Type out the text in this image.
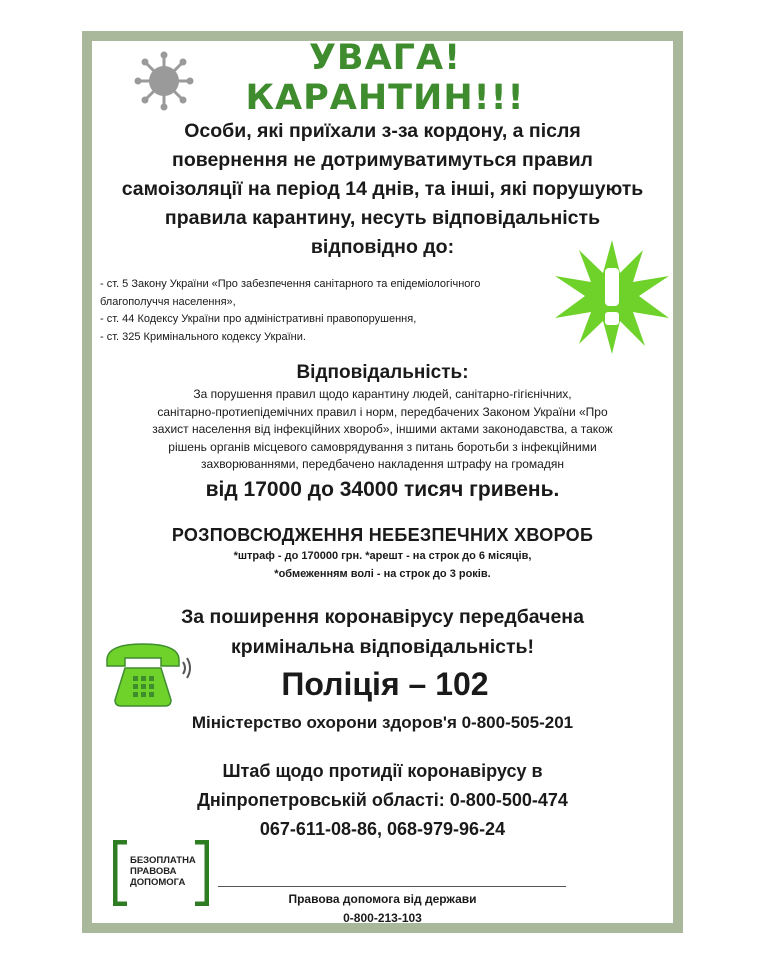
УВАГА!
КАРАНТИН!!!
Особи, які приїхали з-за кордону, а після
повернення не дотримуватимуться правил
самоізоляції на період 14 днів, та інші, які порушують
правила карантину, несуть відповідальність
відповідно до:
- ст. 5 Закону України «Про забезпечення санітарного та епідеміологічного
благополуччя населення»,
- ст. 44 Кодексу України про адміністративні правопорушення,
- ст. 325 Кримінального кодексу України.
Відповідальність:
За порушення правил щодо карантину людей, санітарно-гігієнічних,
санітарно-протиепідемічних правил і норм, передбачених Законом України «Про
захист населення від інфекційних хвороб», іншими актами законодавства, а також
рішень органів місцевого самоврядування з питань боротьби з інфекційними
захворюваннями, передбачено накладення штрафу на громадян
від 17000 до 34000 тисяч гривень.
РОЗПОВСЮДЖЕННЯ НЕБЕЗПЕЧНИХ ХВОРОБ
*штраф - до 170000 грн. *арешт - на строк до 6 місяців,
*обмеженням волі - на строк до 3 років.
За поширення коронавірусу передбачена
кримінальна відповідальність!
Поліція – 102
Міністерство охорони здоров'я 0-800-505-201
Штаб щодо протидії коронавірусу в
Дніпропетровській області: 0-800-500-474
067-611-08-86, 068-979-96-24
БЕЗОПЛАТНА
ПРАВОВА
ДОПОМОГА
Правова допомога від держави
0-800-213-103
